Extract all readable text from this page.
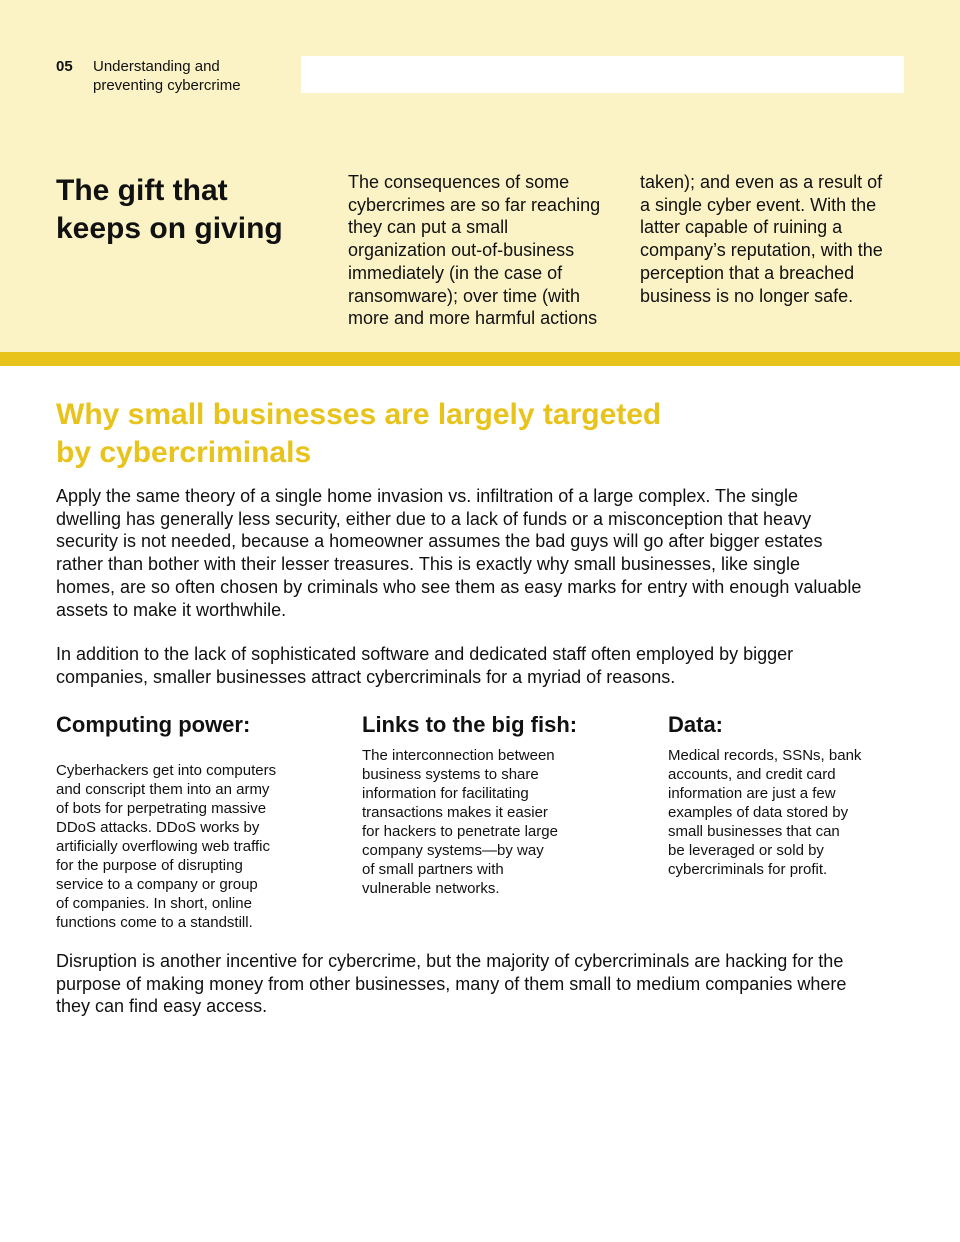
05 Understanding and
preventing cybercrime
The gift that
keeps on giving
The consequences of some
cybercrimes are so far reaching
they can put a small
organization out-of-business
immediately (in the case of
ransomware); over time (with
more and more harmful actions
taken); and even as a result of
a single cyber event. With the
latter capable of ruining a
company’s reputation, with the
perception that a breached
business is no longer safe.
Why small businesses are largely targeted
by cybercriminals
Apply the same theory of a single home invasion vs. infiltration of a large complex. The single
dwelling has generally less security, either due to a lack of funds or a misconception that heavy
security is not needed, because a homeowner assumes the bad guys will go after bigger estates
rather than bother with their lesser treasures. This is exactly why small businesses, like single
homes, are so often chosen by criminals who see them as easy marks for entry with enough valuable
assets to make it worthwhile.
In addition to the lack of sophisticated software and dedicated staff often employed by bigger
companies, smaller businesses attract cybercriminals for a myriad of reasons.
Computing power:
Cyberhackers get into computers
and conscript them into an army
of bots for perpetrating massive
DDoS attacks. DDoS works by
artificially overflowing web traffic
for the purpose of disrupting
service to a company or group
of companies. In short, online
functions come to a standstill.
Links to the big fish:
The interconnection between
business systems to share
information for facilitating
transactions makes it easier
for hackers to penetrate large
company systems—by way
of small partners with
vulnerable networks.
Data:
Medical records, SSNs, bank
accounts, and credit card
information are just a few
examples of data stored by
small businesses that can
be leveraged or sold by
cybercriminals for profit.
Disruption is another incentive for cybercrime, but the majority of cybercriminals are hacking for the
purpose of making money from other businesses, many of them small to medium companies where
they can find easy access.
